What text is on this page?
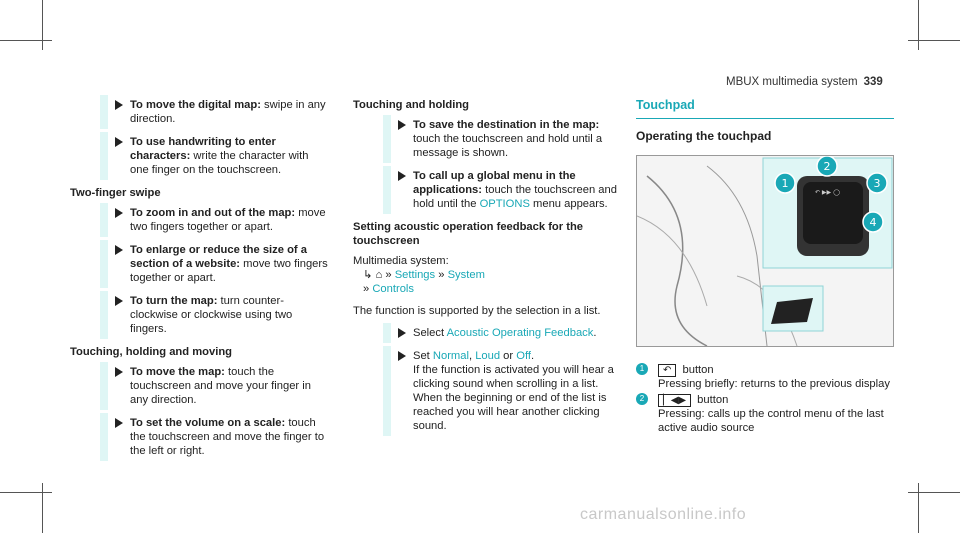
MBUX multimedia system 339
To move the digital map: swipe in any direction.
To use handwriting to enter characters: write the character with one finger on the touchscreen.
Two-finger swipe
To zoom in and out of the map: move two fingers together or apart.
To enlarge or reduce the size of a section of a website: move two fingers together or apart.
To turn the map: turn counter-clockwise or clockwise using two fingers.
Touching, holding and moving
To move the map: touch the touchscreen and move your finger in any direction.
To set the volume on a scale: touch the touchscreen and move the finger to the left or right.
Touching and holding
To save the destination in the map: touch the touchscreen and hold until a message is shown.
To call up a global menu in the applications: touch the touchscreen and hold until the OPTIONS menu appears.
Setting acoustic operation feedback for the touchscreen
Multimedia system:
↳ ⌂ » Settings » System
» Controls
The function is supported by the selection in a list.
Select Acoustic Operating Feedback.
Set Normal, Loud or Off.
If the function is activated you will hear a clicking sound when scrolling in a list. When the beginning or end of the list is reached you will hear another clicking sound.
Touchpad
Operating the touchpad
↶ ▶▶ ◯
1
2
3
4
1	↶ button
Pressing briefly: returns to the previous display
2	▏◀▶ button
Pressing: calls up the control menu of the last active audio source
carmanualsonline.info
